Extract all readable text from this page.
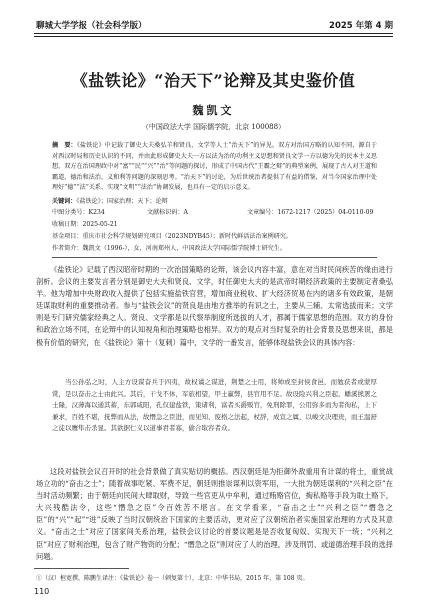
聊城大学学报（社会科学版）	2025 年第 4 期
《盐铁论》“治天下”论辩及其史鉴价值
魏凯文
（中国政法大学 国际儒学院，北京 100088）
摘　要：《盐铁论》中记载了御史大夫桑弘羊和贤良、文学等人士“治天下”的异见。双方对治国方略的认知不同，源自于对西汉时局和历史认识的不同，并由此形成御史大夫一方以法为治的功利主义思想和贤良文学一方以德为先的民本主义思想。双方在治国理政中对“富”“民”“兴”“治”等问题的探讨，形成了中国古代“王霸之辩”的典型案例，展现了古人对王道和霸道、德治和法治、义和利等问题的深刻思考。“治天下”的讨论，为后世统治者提供了有益的借鉴，对当今国家治理中处理好“德”“法”关系、实现“文明”“法治”协调发展，也具有一定的启示意义。
关键词：《盐铁论》；国家治理；天下；论辩
中图分类号：K234	文献标识码：A	文章编号：1672-1217（2025）04-0110-09
收稿日期：2025-05-21
基金项目：重庆市社会科学规划研究项目（2023NDYB45）；新时代鲜活法治案例研究。
作者简介：魏凯文（1996-），女，河南郑州人，中国政法大学国际儒学院博士研究生。
《盐铁论》记载了西汉昭帝时期的一次治国策略的论辩，该会议内容丰富，意在对当时民间疾苦的缘由进行剖析。会议的主要发言者分别是御史大夫和贤良、文学，时任御史大夫的是武帝时期经济政策的主要制定者桑弘羊。他为增加中央财政收入提供了包括实施盐铁官营，增加商业税收、扩大经济贸易在内的诸多有效政策，是朝廷谋取财利的重要推动者。参与“盐铁会议”的贤良是由地方推举的有识之士，主要从三辅、太常选拔而来；文学则是专门研究儒家经典之人。贤良、文学都是以代察举制度所选拔的人才，都属于儒家思想的范围。双方的身份和政治立场不同，在论辩中的认知视角和治理策略也相异。双方的观点对当时复杂的社会背景及思想来说，都是极有价值的研究，在《盐铁论》第十（复刺）篇中，文学的一番发言，能够体现盐铁会议的具体内容：
当公孙弘之时，人主方设谋奋兵于四夷，故权谲之谋进，荆楚之士用，将帅或至封侯食邑，而勉获者或蒙厚赏，是以奋击之士由此兴。其后，干戈不休，军旅相望，甲士羸弊，县官用不足。故设险兴利之臣起，蟠溪熊罴之士隆，汉薄海以通其蓄，东郭咸阳，孔仅建盐铁，策诸利，富者买爵贩官，免刑除罪，公用弥多而为者徇私，上下兼求，百姓不堪，抚弊而从法，故憯急之臣进，而见知、废格之法起，杖辞，成宣之属，以峻文决理贵，而王温舒之徒以鹰隼击杀显。其欲据仁义以道事君者寡，偷合取容者众。
这段对盐铁会议召开时的社会背景做了真实贴切的概括。西汉朝廷是为拒御外敌重用有计谋的将士，重赏战场立功的“奋击之士”；随着战事吃紧、军费不足，朝廷则推崇谋利以资军用，一大批为朝廷谋利的“兴利之臣”在当时活动频繁；由于朝廷向民间大肆取财，导致一些官吏从中牟利，通过贿赂官位，掏私赂等手段为取土赂下，大兴残酷法令，这些“憯急之臣”令百姓苦不堪言。在文学看来，“奋击之士”“兴利之臣”“憯急之臣”的“兴”“起”“进”反映了当时汉朝统治下国家的主要活动，更对应了汉朝统治者实施国家治理的方式及其意义。“奋击之士”对应了国家间关系治理，盐铁会议讨论的首要议题是是否收复匈奴、实现天下一统；“兴利之臣”对应了财利治理，包含了财产物资的分配；“憯急之臣”则对应了人的治理，涉及刑罚、或道德治理手段的选择问题。
①（汉）桓宽撰，陈鹏生译注：《盐铁论》卷一（刺复第十），北京：中华书局，2015 年，第 108 页。
110
